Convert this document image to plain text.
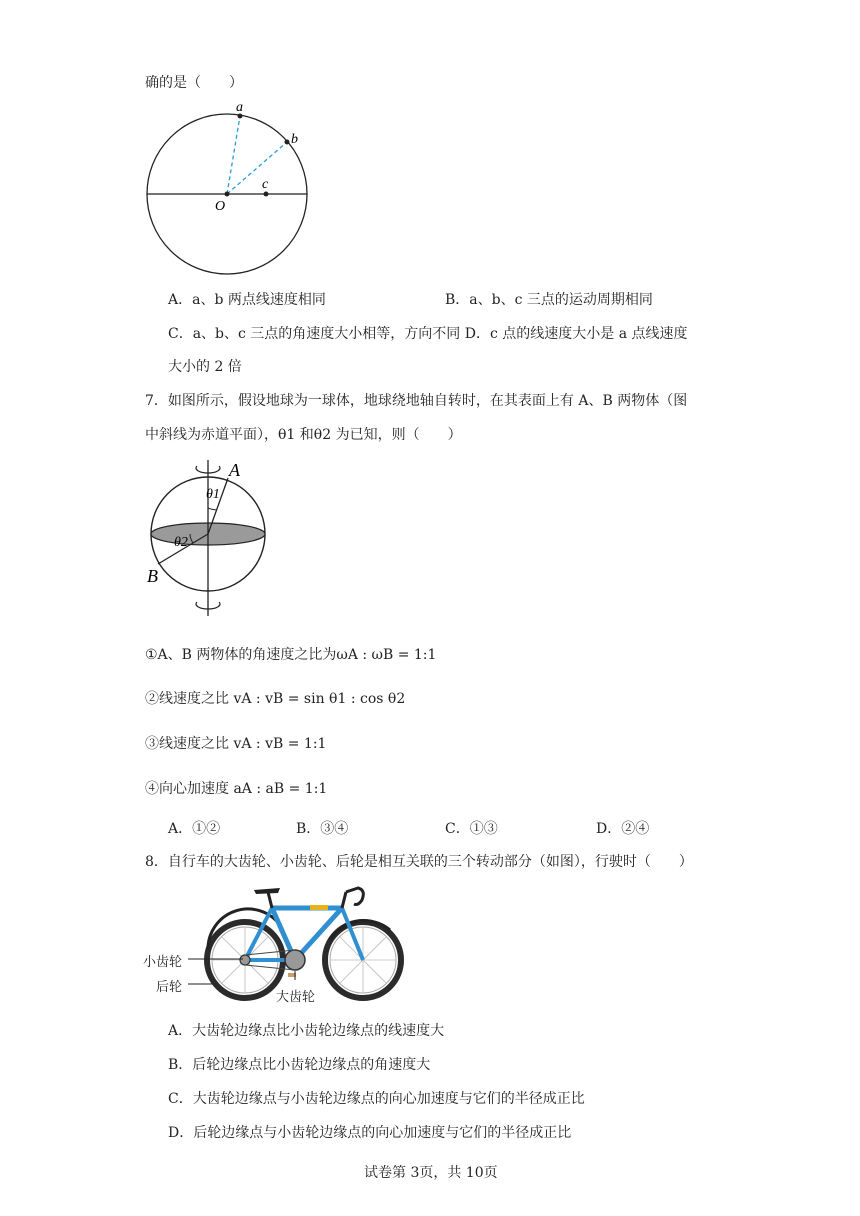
确的是（　　）
a
b
c
O
A．a、b 两点线速度相同	B．a、b、c 三点的运动周期相同
C．a、b、c 三点的角速度大小相等，方向不同 D．c 点的线速度大小是 a 点线速度
大小的 2 倍
7．如图所示，假设地球为一球体，地球绕地轴自转时，在其表面上有 A、B 两物体（图
中斜线为赤道平面），θ1 和θ2 为已知，则（　　）
A
B
θ1
θ2
①A、B 两物体的角速度之比为ωA : ωB = 1:1
②线速度之比 vA : vB = sin θ1 : cos θ2
③线速度之比 vA : vB = 1:1
④向心加速度 aA : aB = 1:1
A．①②	B．③④	C．①③	D．②④
8．自行车的大齿轮、小齿轮、后轮是相互关联的三个转动部分（如图），行驶时（　　）
小齿轮
后轮
大齿轮
A．大齿轮边缘点比小齿轮边缘点的线速度大
B．后轮边缘点比小齿轮边缘点的角速度大
C．大齿轮边缘点与小齿轮边缘点的向心加速度与它们的半径成正比
D．后轮边缘点与小齿轮边缘点的向心加速度与它们的半径成正比
试卷第 3页，共 10页
